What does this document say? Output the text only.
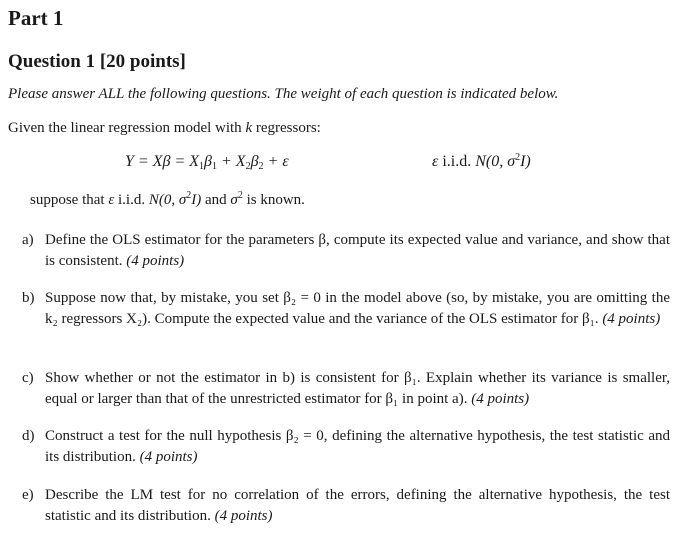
Part 1
Question 1 [20 points]
Please answer ALL the following questions. The weight of each question is indicated below.
Given the linear regression model with k regressors:
$Y = X\beta = X_1\beta_1 + X_2\beta_2 + \varepsilon$	ε i.i.d. N(0, $\sigma^2I$)
suppose that ε i.i.d. N(0, $\sigma^2I$) and $\sigma^2$ is known.
a) Define the OLS estimator for the parameters β, compute its expected value and variance, and show that is consistent. (4 points)
b) Suppose now that, by mistake, you set β₂ = 0 in the model above (so, by mistake, you are omitting the k₂ regressors X₂). Compute the expected value and the variance of the OLS estimator for β₁. (4 points)
c) Show whether or not the estimator in b) is consistent for β₁. Explain whether its variance is smaller, equal or larger than that of the unrestricted estimator for β₁ in point a). (4 points)
d) Construct a test for the null hypothesis β₂ = 0, defining the alternative hypothesis, the test statistic and its distribution. (4 points)
e) Describe the LM test for no correlation of the errors, defining the alternative hypothesis, the test statistic and its distribution. (4 points)
